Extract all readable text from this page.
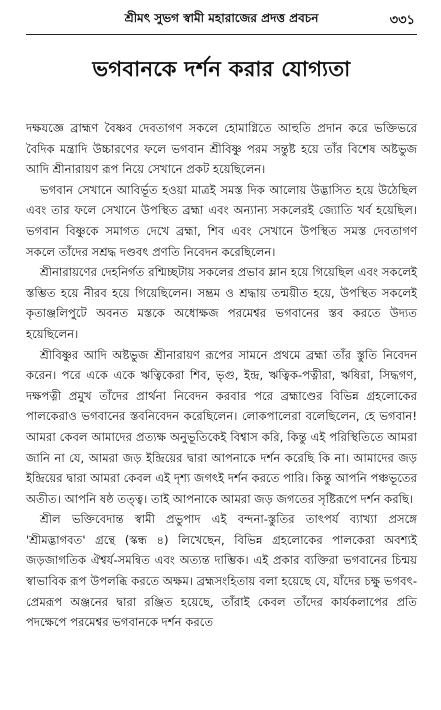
শ্রীমৎ সুভগ স্বামী মহারাজের প্রদত্ত প্রবচন	৩৩১
ভগবানকে দর্শন করার যোগ্যতা

দক্ষযজ্ঞে ব্রাহ্মণ বৈষ্ণব দেবতাগণ সকলে হোমাগ্নিতে আহুতি প্রদান করে ভক্তিভরে বৈদিক মন্ত্রাদি উচ্চারণের ফলে ভগবান শ্রীবিষ্ণু পরম সন্তুষ্ট হয়ে তাঁর বিশেষ অষ্টভুজ আদি শ্রীনারায়ণ রূপ নিয়ে সেখানে প্রকট হয়েছিলেন।

ভগবান সেখানে আবির্ভূত হওয়া মাত্রই সমস্ত দিক আলোয় উদ্ভাসিত হয়ে উঠেছিল এবং তার ফলে সেখানে উপস্থিত ব্রহ্মা এবং অন্যান্য সকলেরই জ্যোতি খর্ব হয়েছিল। ভগবান বিষ্ণুকে সমাগত দেখে ব্রহ্মা, শিব এবং সেখানে উপস্থিত সমস্ত দেবতাগণ সকলে তাঁদের সশ্রদ্ধ দণ্ডবৎ প্রণতি নিবেদন করেছিলেন।

শ্রীনারায়ণের দেহনির্গত রশ্মিচ্ছটায় সকলের প্রভাব ম্লান হয়ে গিয়েছিল এবং সকলেই স্তম্ভিত হয়ে নীরব হয়ে গিয়েছিলেন। সম্ভ্রম ও শ্রদ্ধায় তন্ময়ীত হয়ে, উপস্থিত সকলেই কৃতাঞ্জলিপুটে অবনত মস্তকে অধোক্ষজ পরমেশ্বর ভগবানের স্তব করতে উদ্যত হয়েছিলেন।

শ্রীবিষ্ণুর আদি অষ্টভুজ শ্রীনারায়ণ রূপের সামনে প্রথমে ব্রহ্মা তাঁর স্তুতি নিবেদন করেন। পরে একে একে ঋত্বিকেরা শিব, ভৃগু, ইন্দ্র, ঋত্বিক-পত্নীরা, ঋষিরা, সিদ্ধগণ, দক্ষপত্নী প্রমুখ তাঁদের প্রার্থনা নিবেদন করবার পরে ব্রহ্মাণ্ডের বিভিন্ন গ্রহলোকের পালকেরাও ভগবানের স্তবনিবেদন করেছিলেন। লোকপালেরা বলেছিলেন, হে ভগবান! আমরা কেবল আমাদের প্রত্যক্ষ অনুভূতিকেই বিশ্বাস করি, কিন্তু এই পরিস্থিতিতে আমরা জানি না যে, আমরা জড় ইন্দ্রিয়ের দ্বারা আপনাকে দর্শন করেছি কি না। আমাদের জড় ইন্দ্রিয়ের দ্বারা আমরা কেবল এই দৃশ্য জগৎই দর্শন করতে পারি। কিন্তু আপনি পঞ্চভূতের অতীত। আপনি ষষ্ঠ তত্ত্ব। তাই আপনাকে আমরা জড় জগতের সৃষ্টিরূপে দর্শন করছি।

শ্রীল ভক্তিবেদান্ত স্বামী প্রভুপাদ এই বন্দনা-স্তুতির তাৎপর্য ব্যাখ্যা প্রসঙ্গে 'শ্রীমদ্ভাগবত' গ্রন্থে (স্কন্ধ ৪) লিখেছেন, বিভিন্ন গ্রহলোকের পালকেরা অবশ্যই জড়জাগতিক ঐশ্বর্য-সমন্বিত এবং অত্যন্ত দাম্ভিক। এই প্রকার ব্যক্তিরা ভগবানের চিন্ময় স্বাভাবিক রূপ উপলব্ধি করতে অক্ষম। ব্রহ্মসংহিতায় বলা হয়েছে যে, যাঁদের চক্ষু ভগবৎ-প্রেমরূপ অঞ্জনের দ্বারা রঞ্জিত হয়েছে, তাঁরাই কেবল তাঁদের কার্যকলাপের প্রতি পদক্ষেপে পরমেশ্বর ভগবানকে দর্শন করতে
